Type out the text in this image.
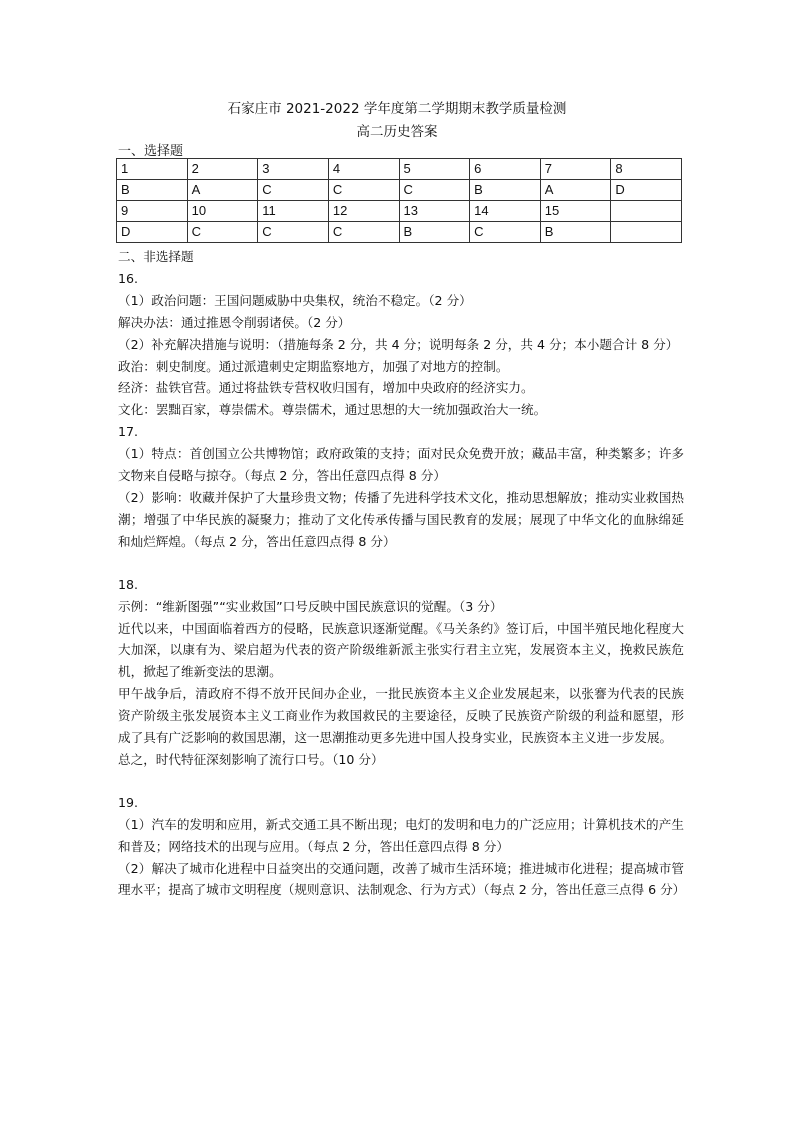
石家庄市 2021-2022 学年度第二学期期末教学质量检测
高二历史答案
一、选择题
1	2	3	4	5	6	7	8
B	A	C	C	C	B	A	D
9	10	11	12	13	14	15	
D	C	C	C	B	C	B	

二、非选择题

16.

（1）政治问题：王国问题威胁中央集权，统治不稳定。（2 分）

解决办法：通过推恩令削弱诸侯。（2 分）

（2）补充解决措施与说明：（措施每条 2 分，共 4 分；说明每条 2 分，共 4 分；本小题合计 8 分）

政治：刺史制度。通过派遣刺史定期监察地方，加强了对地方的控制。

经济：盐铁官营。通过将盐铁专营权收归国有，增加中央政府的经济实力。

文化：罢黜百家，尊崇儒术。尊崇儒术，通过思想的大一统加强政治大一统。

17.

（1）特点：首创国立公共博物馆；政府政策的支持；面对民众免费开放；藏品丰富，种类繁多；许多文物来自侵略与掠夺。（每点 2 分，答出任意四点得 8 分）

（2）影响：收藏并保护了大量珍贵文物；传播了先进科学技术文化，推动思想解放；推动实业救国热潮；增强了中华民族的凝聚力；推动了文化传承传播与国民教育的发展；展现了中华文化的血脉绵延和灿烂辉煌。（每点 2 分，答出任意四点得 8 分）

18.

示例：“维新图强”“实业救国”口号反映中国民族意识的觉醒。（3 分）

近代以来，中国面临着西方的侵略，民族意识逐渐觉醒。《马关条约》签订后，中国半殖民地化程度大大加深，以康有为、梁启超为代表的资产阶级维新派主张实行君主立宪，发展资本主义，挽救民族危机，掀起了维新变法的思潮。

甲午战争后，清政府不得不放开民间办企业，一批民族资本主义企业发展起来，以张謇为代表的民族资产阶级主张发展资本主义工商业作为救国救民的主要途径，反映了民族资产阶级的利益和愿望，形成了具有广泛影响的救国思潮，这一思潮推动更多先进中国人投身实业，民族资本主义进一步发展。

总之，时代特征深刻影响了流行口号。（10 分）

19.

（1）汽车的发明和应用，新式交通工具不断出现；电灯的发明和电力的广泛应用；计算机技术的产生和普及；网络技术的出现与应用。（每点 2 分，答出任意四点得 8 分）

（2）解决了城市化进程中日益突出的交通问题，改善了城市生活环境；推进城市化进程；提高城市管理水平；提高了城市文明程度（规则意识、法制观念、行为方式）（每点 2 分，答出任意三点得 6 分）
